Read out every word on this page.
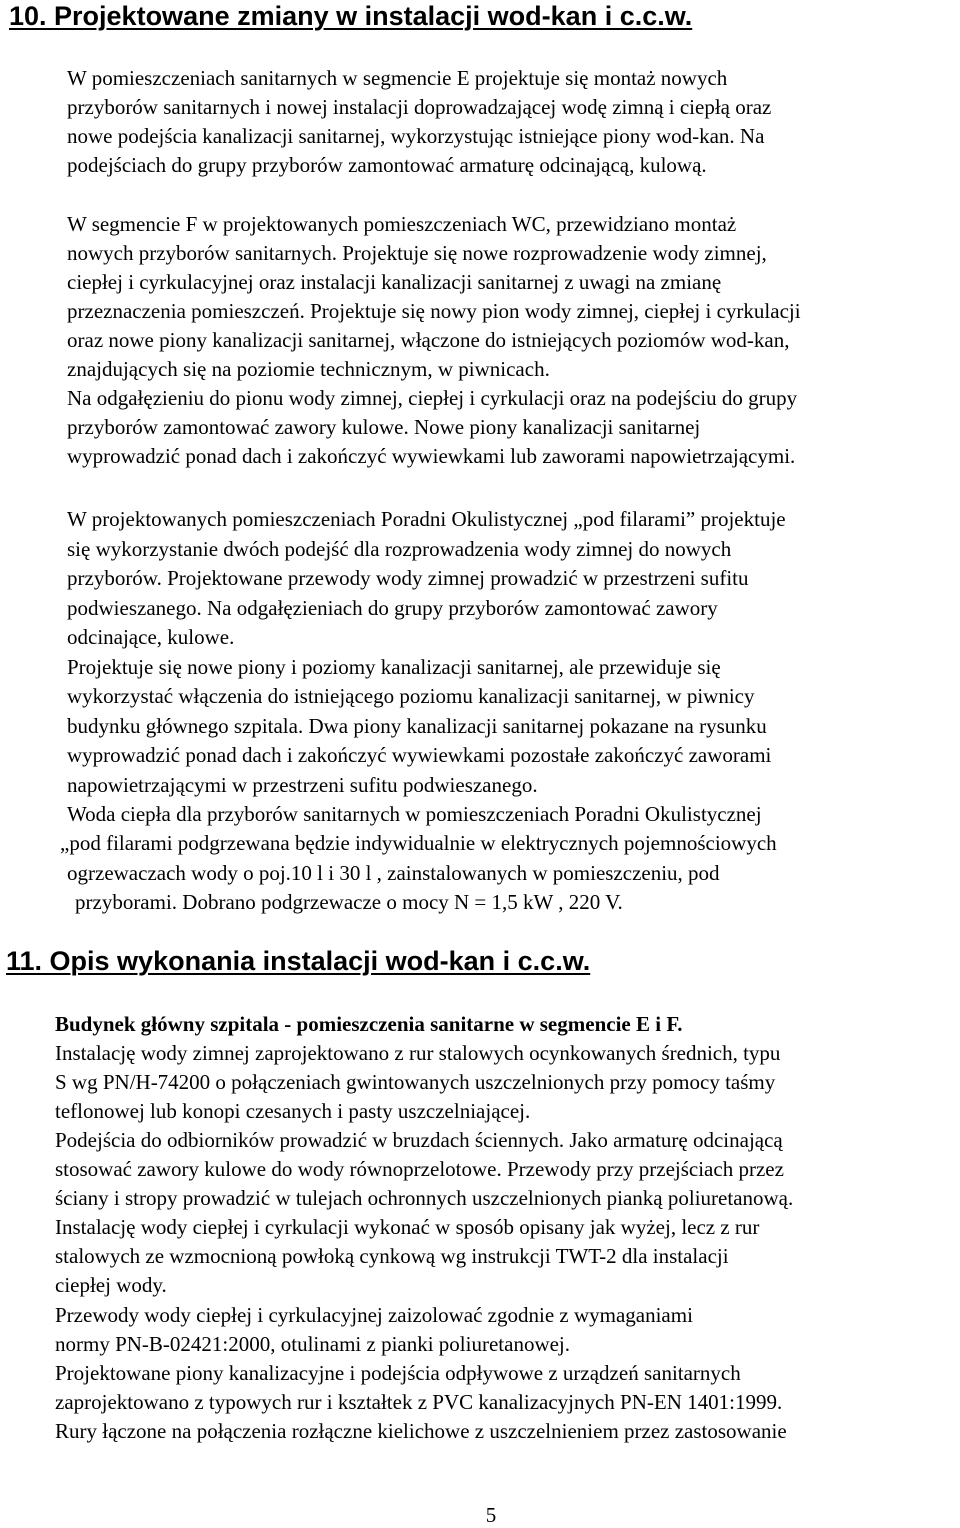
10. Projektowane zmiany w instalacji wod-kan i c.c.w.
W pomieszczeniach sanitarnych w segmencie E projektuje się montaż nowych
przyborów sanitarnych i nowej instalacji doprowadzającej wodę zimną i ciepłą oraz
nowe podejścia kanalizacji sanitarnej, wykorzystując istniejące piony wod-kan. Na
podejściach do grupy przyborów zamontować armaturę odcinającą, kulową.
W segmencie F w projektowanych pomieszczeniach WC, przewidziano montaż
nowych przyborów sanitarnych. Projektuje się nowe rozprowadzenie wody zimnej,
ciepłej i cyrkulacyjnej oraz instalacji kanalizacji sanitarnej z uwagi na zmianę
przeznaczenia pomieszczeń. Projektuje się nowy pion wody zimnej, ciepłej i cyrkulacji
oraz nowe piony kanalizacji sanitarnej, włączone do istniejących poziomów wod-kan,
znajdujących się na poziomie technicznym, w piwnicach.
Na odgałęzieniu do pionu wody zimnej, ciepłej i cyrkulacji oraz na podejściu do grupy
przyborów zamontować zawory kulowe. Nowe piony kanalizacji sanitarnej
wyprowadzić ponad dach i zakończyć wywiewkami lub zaworami napowietrzającymi.
W projektowanych pomieszczeniach Poradni Okulistycznej „pod filarami” projektuje
się wykorzystanie dwóch podejść dla rozprowadzenia wody zimnej do nowych
przyborów. Projektowane przewody wody zimnej prowadzić w przestrzeni sufitu
podwieszanego. Na odgałęzieniach do grupy przyborów zamontować zawory
odcinające, kulowe.
Projektuje się nowe piony i poziomy kanalizacji sanitarnej, ale przewiduje się
wykorzystać włączenia do istniejącego poziomu kanalizacji sanitarnej, w piwnicy
budynku głównego szpitala. Dwa piony kanalizacji sanitarnej pokazane na rysunku
wyprowadzić ponad dach i zakończyć wywiewkami pozostałe zakończyć zaworami
napowietrzającymi w przestrzeni sufitu podwieszanego.
Woda ciepła dla przyborów sanitarnych w pomieszczeniach Poradni Okulistycznej
„pod filarami podgrzewana będzie indywidualnie w elektrycznych pojemnościowych
ogrzewaczach wody o poj.10 l i 30 l , zainstalowanych w pomieszczeniu, pod
przyborami. Dobrano podgrzewacze o mocy N = 1,5 kW , 220 V.
11. Opis wykonania instalacji wod-kan i c.c.w.
Budynek główny szpitala - pomieszczenia sanitarne w segmencie E i F.
Instalację wody zimnej zaprojektowano z rur stalowych ocynkowanych średnich, typu
S wg PN/H-74200 o połączeniach gwintowanych uszczelnionych przy pomocy taśmy
teflonowej lub konopi czesanych i pasty uszczelniającej.
Podejścia do odbiorników prowadzić w bruzdach ściennych. Jako armaturę odcinającą
stosować zawory kulowe do wody równoprzelotowe. Przewody przy przejściach przez
ściany i stropy prowadzić w tulejach ochronnych uszczelnionych pianką poliuretanową.
Instalację wody ciepłej i cyrkulacji wykonać w sposób opisany jak wyżej, lecz z rur
stalowych ze wzmocnioną powłoką cynkową wg instrukcji TWT-2 dla instalacji
ciepłej wody.
Przewody wody ciepłej i cyrkulacyjnej zaizolować zgodnie z wymaganiami
normy PN-B-02421:2000, otulinami z pianki poliuretanowej.
Projektowane piony kanalizacyjne i podejścia odpływowe z urządzeń sanitarnych
zaprojektowano z typowych rur i kształtek z PVC kanalizacyjnych PN-EN 1401:1999.
Rury łączone na połączenia rozłączne kielichowe z uszczelnieniem przez zastosowanie
5
